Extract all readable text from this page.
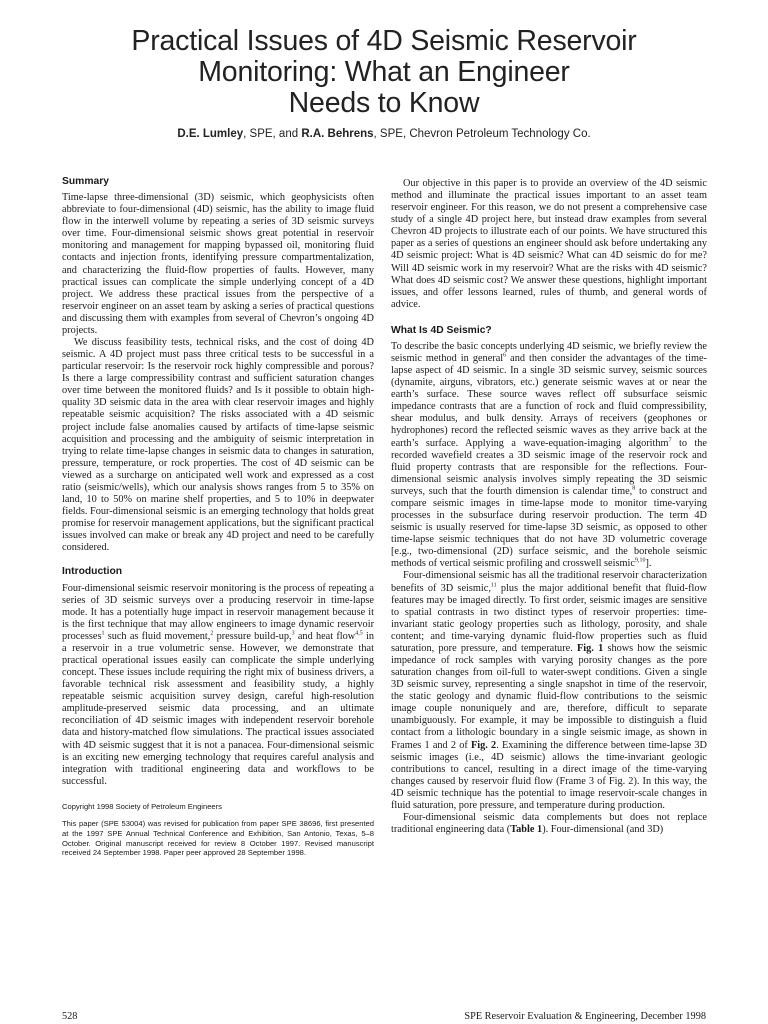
Practical Issues of 4D Seismic Reservoir
Monitoring: What an Engineer
Needs to Know
D.E. Lumley, SPE, and R.A. Behrens, SPE, Chevron Petroleum Technology Co.
Summary

Time-lapse three-dimensional (3D) seismic, which geophysicists often abbreviate to four-dimensional (4D) seismic, has the ability to image fluid flow in the interwell volume by repeating a series of 3D seismic surveys over time. Four-dimensional seismic shows great potential in reservoir monitoring and management for mapping bypassed oil, monitoring fluid contacts and injection fronts, identifying pressure compartmentalization, and characterizing the fluid-flow properties of faults. However, many practical issues can complicate the simple underlying concept of a 4D project. We address these practical issues from the perspective of a reservoir engineer on an asset team by asking a series of practical questions and discussing them with examples from several of Chevron’s ongoing 4D projects.

We discuss feasibility tests, technical risks, and the cost of doing 4D seismic. A 4D project must pass three critical tests to be successful in a particular reservoir: Is the reservoir rock highly compressible and porous? Is there a large compressibility contrast and sufficient saturation changes over time between the monitored fluids? and Is it possible to obtain high-quality 3D seismic data in the area with clear reservoir images and highly repeatable seismic acquisition? The risks associated with a 4D seismic project include false anomalies caused by artifacts of time-lapse seismic acquisition and processing and the ambiguity of seismic interpretation in trying to relate time-lapse changes in seismic data to changes in saturation, pressure, temperature, or rock properties. The cost of 4D seismic can be viewed as a surcharge on anticipated well work and expressed as a cost ratio (seismic/wells), which our analysis shows ranges from 5 to 35% on land, 10 to 50% on marine shelf properties, and 5 to 10% in deepwater fields. Four-dimensional seismic is an emerging technology that holds great promise for reservoir management applications, but the significant practical issues involved can make or break any 4D project and need to be carefully considered.

Introduction

Four-dimensional seismic reservoir monitoring is the process of repeating a series of 3D seismic surveys over a producing reservoir in time-lapse mode. It has a potentially huge impact in reservoir management because it is the first technique that may allow engineers to image dynamic reservoir processes$^1$ such as fluid movement,$^2$ pressure build-up,$^3$ and heat flow$^{4,5}$ in a reservoir in a true volumetric sense. However, we demonstrate that practical operational issues easily can complicate the simple underlying concept. These issues include requiring the right mix of business drivers, a favorable technical risk assessment and feasibility study, a highly repeatable seismic acquisition survey design, careful high-resolution amplitude-preserved seismic data processing, and an ultimate reconciliation of 4D seismic images with independent reservoir borehole data and history-matched flow simulations. The practical issues associated with 4D seismic suggest that it is not a panacea. Four-dimensional seismic is an exciting new emerging technology that requires careful analysis and integration with traditional engineering data and workflows to be successful.

Copyright 1998 Society of Petroleum Engineers

This paper (SPE 53004) was revised for publication from paper SPE 38696, first presented at the 1997 SPE Annual Technical Conference and Exhibition, San Antonio, Texas, 5–8 October. Original manuscript received for review 8 October 1997. Revised manuscript received 24 September 1998. Paper peer approved 28 September 1998.

Our objective in this paper is to provide an overview of the 4D seismic method and illuminate the practical issues important to an asset team reservoir engineer. For this reason, we do not present a comprehensive case study of a single 4D project here, but instead draw examples from several Chevron 4D projects to illustrate each of our points. We have structured this paper as a series of questions an engineer should ask before undertaking any 4D seismic project: What is 4D seismic? What can 4D seismic do for me? Will 4D seismic work in my reservoir? What are the risks with 4D seismic? What does 4D seismic cost? We answer these questions, highlight important issues, and offer lessons learned, rules of thumb, and general words of advice.

What Is 4D Seismic?

To describe the basic concepts underlying 4D seismic, we briefly review the seismic method in general$^6$ and then consider the advantages of the time-lapse aspect of 4D seismic. In a single 3D seismic survey, seismic sources (dynamite, airguns, vibrators, etc.) generate seismic waves at or near the earth’s surface. These source waves reflect off subsurface seismic impedance contrasts that are a function of rock and fluid compressibility, shear modulus, and bulk density. Arrays of receivers (geophones or hydrophones) record the reflected seismic waves as they arrive back at the earth’s surface. Applying a wave-equation-imaging algorithm$^7$ to the recorded wavefield creates a 3D seismic image of the reservoir rock and fluid property contrasts that are responsible for the reflections. Four-dimensional seismic analysis involves simply repeating the 3D seismic surveys, such that the fourth dimension is calendar time,$^8$ to construct and compare seismic images in time-lapse mode to monitor time-varying processes in the subsurface during reservoir production. The term 4D seismic is usually reserved for time-lapse 3D seismic, as opposed to other time-lapse seismic techniques that do not have 3D volumetric coverage [e.g., two-dimensional (2D) surface seismic, and the borehole seismic methods of vertical seismic profiling and crosswell seismic$^{9,10}$].

Four-dimensional seismic has all the traditional reservoir characterization benefits of 3D seismic,$^{11}$ plus the major additional benefit that fluid-flow features may be imaged directly. To first order, seismic images are sensitive to spatial contrasts in two distinct types of reservoir properties: time-invariant static geology properties such as lithology, porosity, and shale content; and time-varying dynamic fluid-flow properties such as fluid saturation, pore pressure, and temperature. Fig. 1 shows how the seismic impedance of rock samples with varying porosity changes as the pore saturation changes from oil-full to water-swept conditions. Given a single 3D seismic survey, representing a single snapshot in time of the reservoir, the static geology and dynamic fluid-flow contributions to the seismic image couple nonuniquely and are, therefore, difficult to separate unambiguously. For example, it may be impossible to distinguish a fluid contact from a lithologic boundary in a single seismic image, as shown in Frames 1 and 2 of Fig. 2. Examining the difference between time-lapse 3D seismic images (i.e., 4D seismic) allows the time-invariant geologic contributions to cancel, resulting in a direct image of the time-varying changes caused by reservoir fluid flow (Frame 3 of Fig. 2). In this way, the 4D seismic technique has the potential to image reservoir-scale changes in fluid saturation, pore pressure, and temperature during production.

Four-dimensional seismic data complements but does not replace traditional engineering data (Table 1). Four-dimensional (and 3D)

528	SPE Reservoir Evaluation & Engineering, December 1998
